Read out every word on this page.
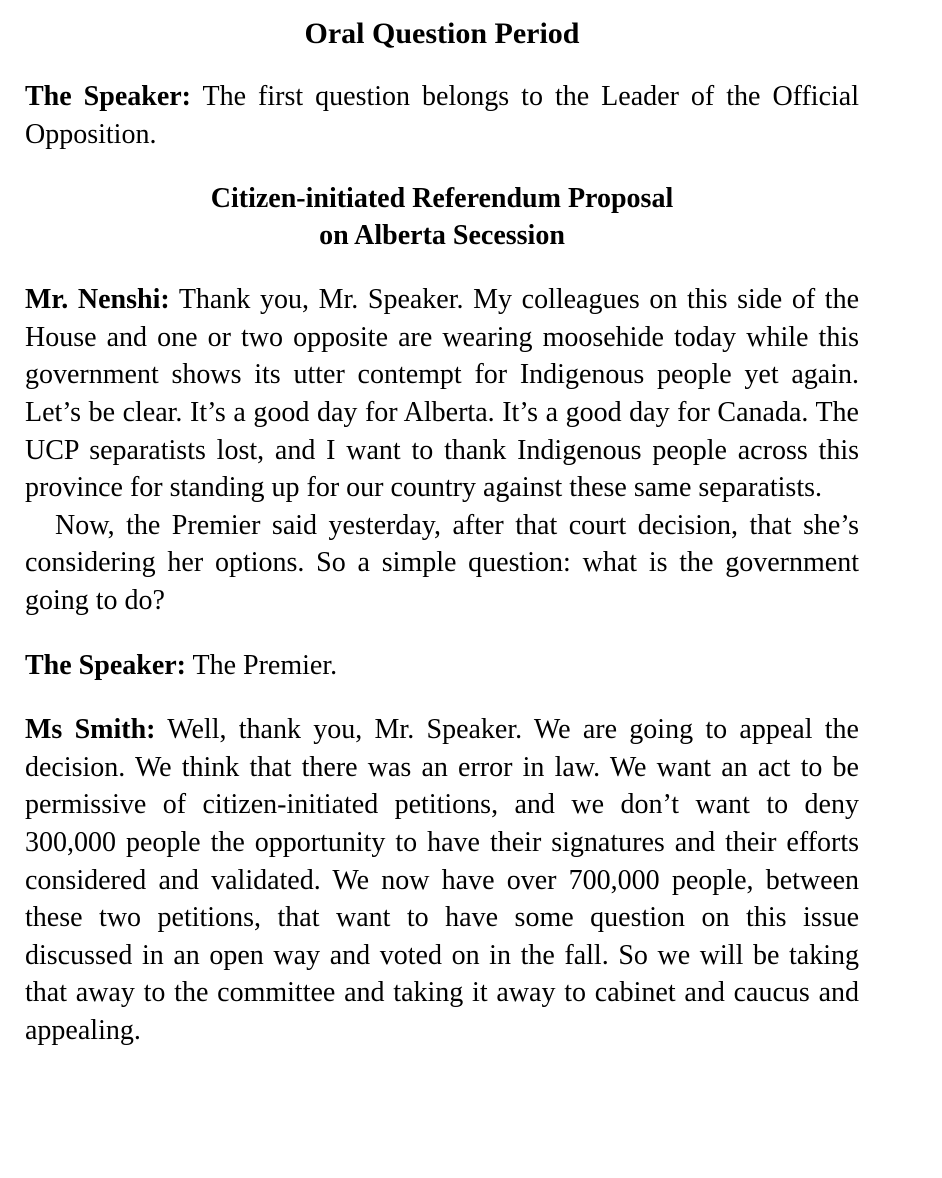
Oral Question Period

The Speaker: The first question belongs to the Leader of the Official Opposition.

Citizen-initiated Referendum Proposal

on Alberta Secession

Mr. Nenshi: Thank you, Mr. Speaker. My colleagues on this side of the House and one or two opposite are wearing moosehide today while this government shows its utter contempt for Indigenous people yet again. Let’s be clear. It’s a good day for Alberta. It’s a good day for Canada. The UCP separatists lost, and I want to thank Indigenous people across this province for standing up for our country against these same separatists.

Now, the Premier said yesterday, after that court decision, that she’s considering her options. So a simple question: what is the government going to do?

The Speaker: The Premier.

Ms Smith: Well, thank you, Mr. Speaker. We are going to appeal the decision. We think that there was an error in law. We want an act to be permissive of citizen-initiated petitions, and we don’t want to deny 300,000 people the opportunity to have their signatures and their efforts considered and validated. We now have over 700,000 people, between these two petitions, that want to have some question on this issue discussed in an open way and voted on in the fall. So we will be taking that away to the committee and taking it away to cabinet and caucus and appealing.
